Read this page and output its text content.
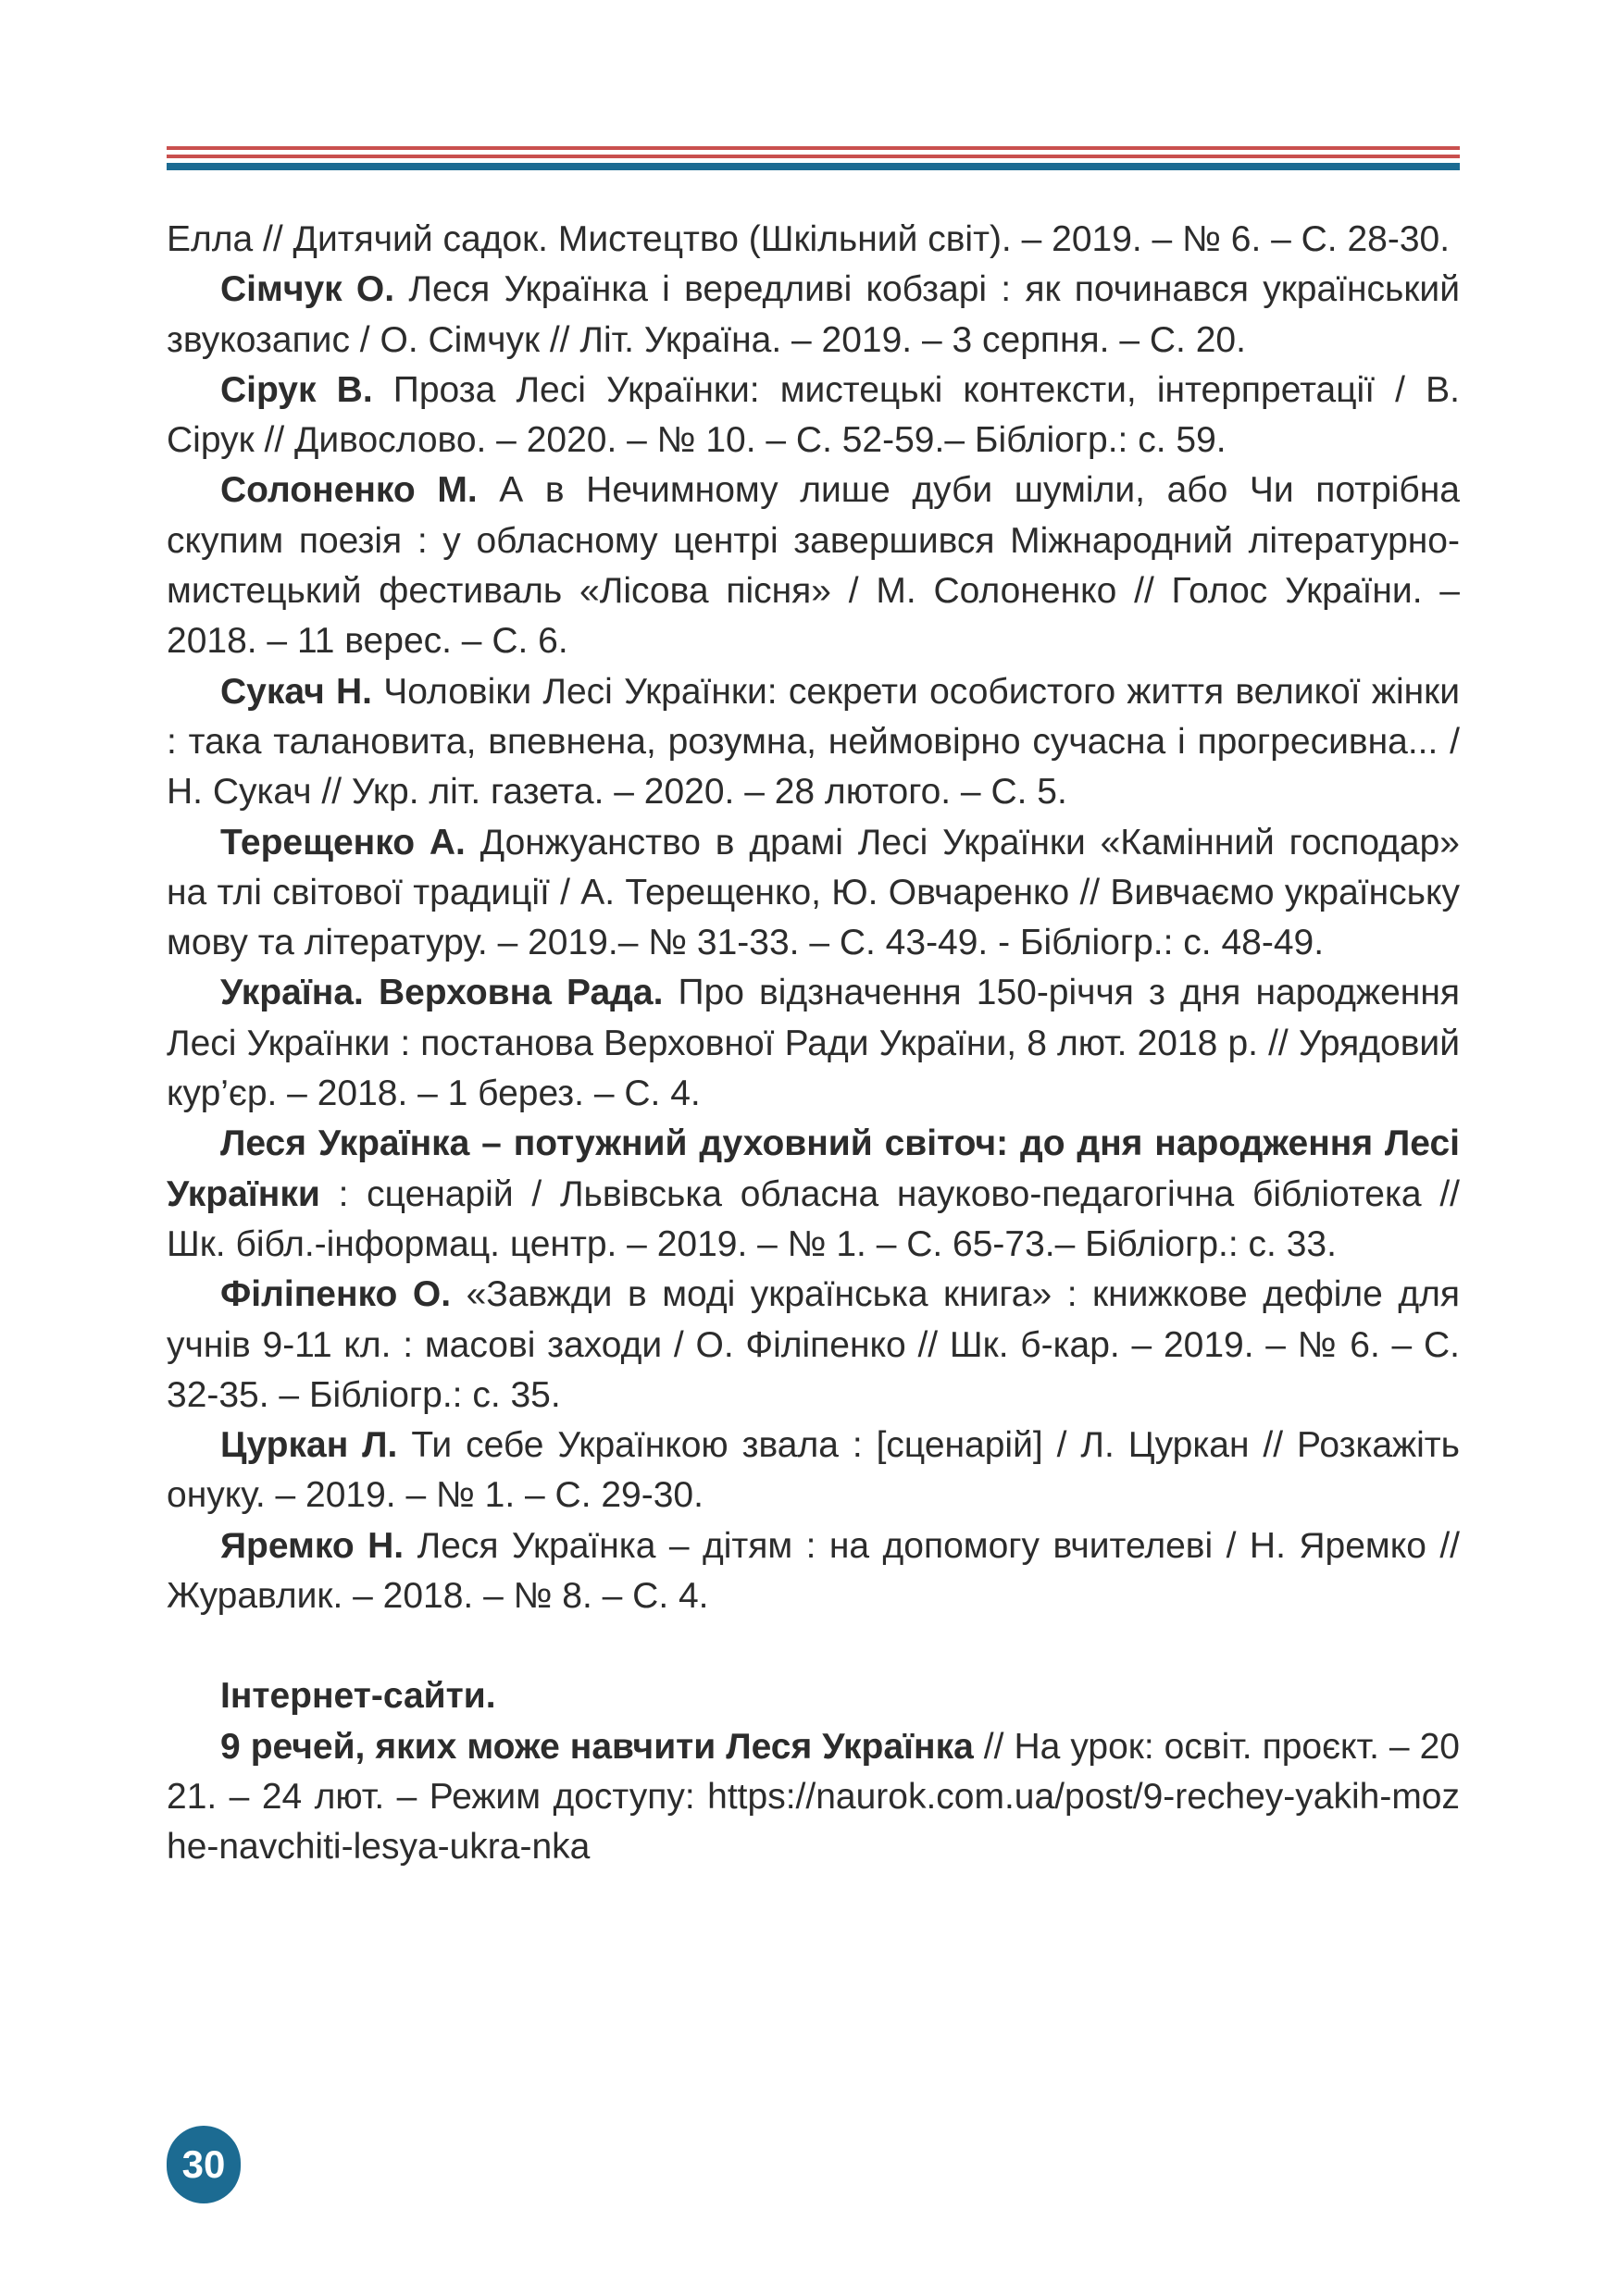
Елла // Дитячий садок. Мистецтво (Шкільний світ). – 2019. – № 6. – С. 28-30.

Сімчук О. Леся Українка і вередливі кобзарі : як починався український звукозапис / О. Сімчук // Літ. Україна. – 2019. – 3 серпня. – С. 20.

Сірук В. Проза Лесі Українки: мистецькі контексти, інтерпретації / В. Сірук // Дивослово. – 2020. – № 10. – С. 52-59.– Бібліогр.: с. 59.

Солоненко М. А в Нечимному лише дуби шуміли, або Чи потрібна скупим поезія : у обласному центрі завершився Міжнародний літературно-мистецький фестиваль «Лісова пісня» / М. Солоненко // Голос України. – 2018. – 11 верес. – С. 6.

Сукач Н. Чоловіки Лесі Українки: секрети особистого життя великої жінки : така талановита, впевнена, розумна, неймовірно сучасна і прогресивна... / Н. Сукач // Укр. літ. газета. – 2020. – 28 лютого. – С. 5.

Терещенко А. Донжуанство в драмі Лесі Українки «Камінний господар» на тлі світової традиції / А. Терещенко, Ю. Овчаренко // Вивчаємо українську мову та літературу. – 2019.– № 31-33. – С. 43-49. - Бібліогр.: с. 48-49.

Україна. Верховна Рада. Про відзначення 150-річчя з дня народження Лесі Українки : постанова Верховної Ради України, 8 лют. 2018 р. // Урядовий кур’єр. – 2018. – 1 берез. – С. 4.

Леся Українка – потужний духовний світоч: до дня народження Лесі Українки : сценарій / Львівська обласна науково-педагогічна бібліотека // Шк. бібл.-інформац. центр. – 2019. – № 1. – С. 65-73.– Бібліогр.: с. 33.

Філіпенко О. «Завжди в моді українська книга» : книжкове дефіле для учнів 9-11 кл. : масові заходи / О. Філіпенко // Шк. б-кар. – 2019. – № 6. – С. 32-35. – Бібліогр.: с. 35.

Цуркан Л. Ти себе Українкою звала : [сценарій] / Л. Цуркан // Розкажіть онуку. – 2019. – № 1. – С. 29-30.

Яремко Н. Леся Українка – дітям : на допомогу вчителеві / Н. Яремко // Журавлик. – 2018. – № 8. – С. 4.

Інтернет-сайти.

9 речей, яких може навчити Леся Українка // На урок: освіт. проєкт. – 2021. – 24 лют. – Режим доступу: https://naurok.com.ua/post/9-rechey-yakih-mozhe-navchiti-lesya-ukra-nka

30
